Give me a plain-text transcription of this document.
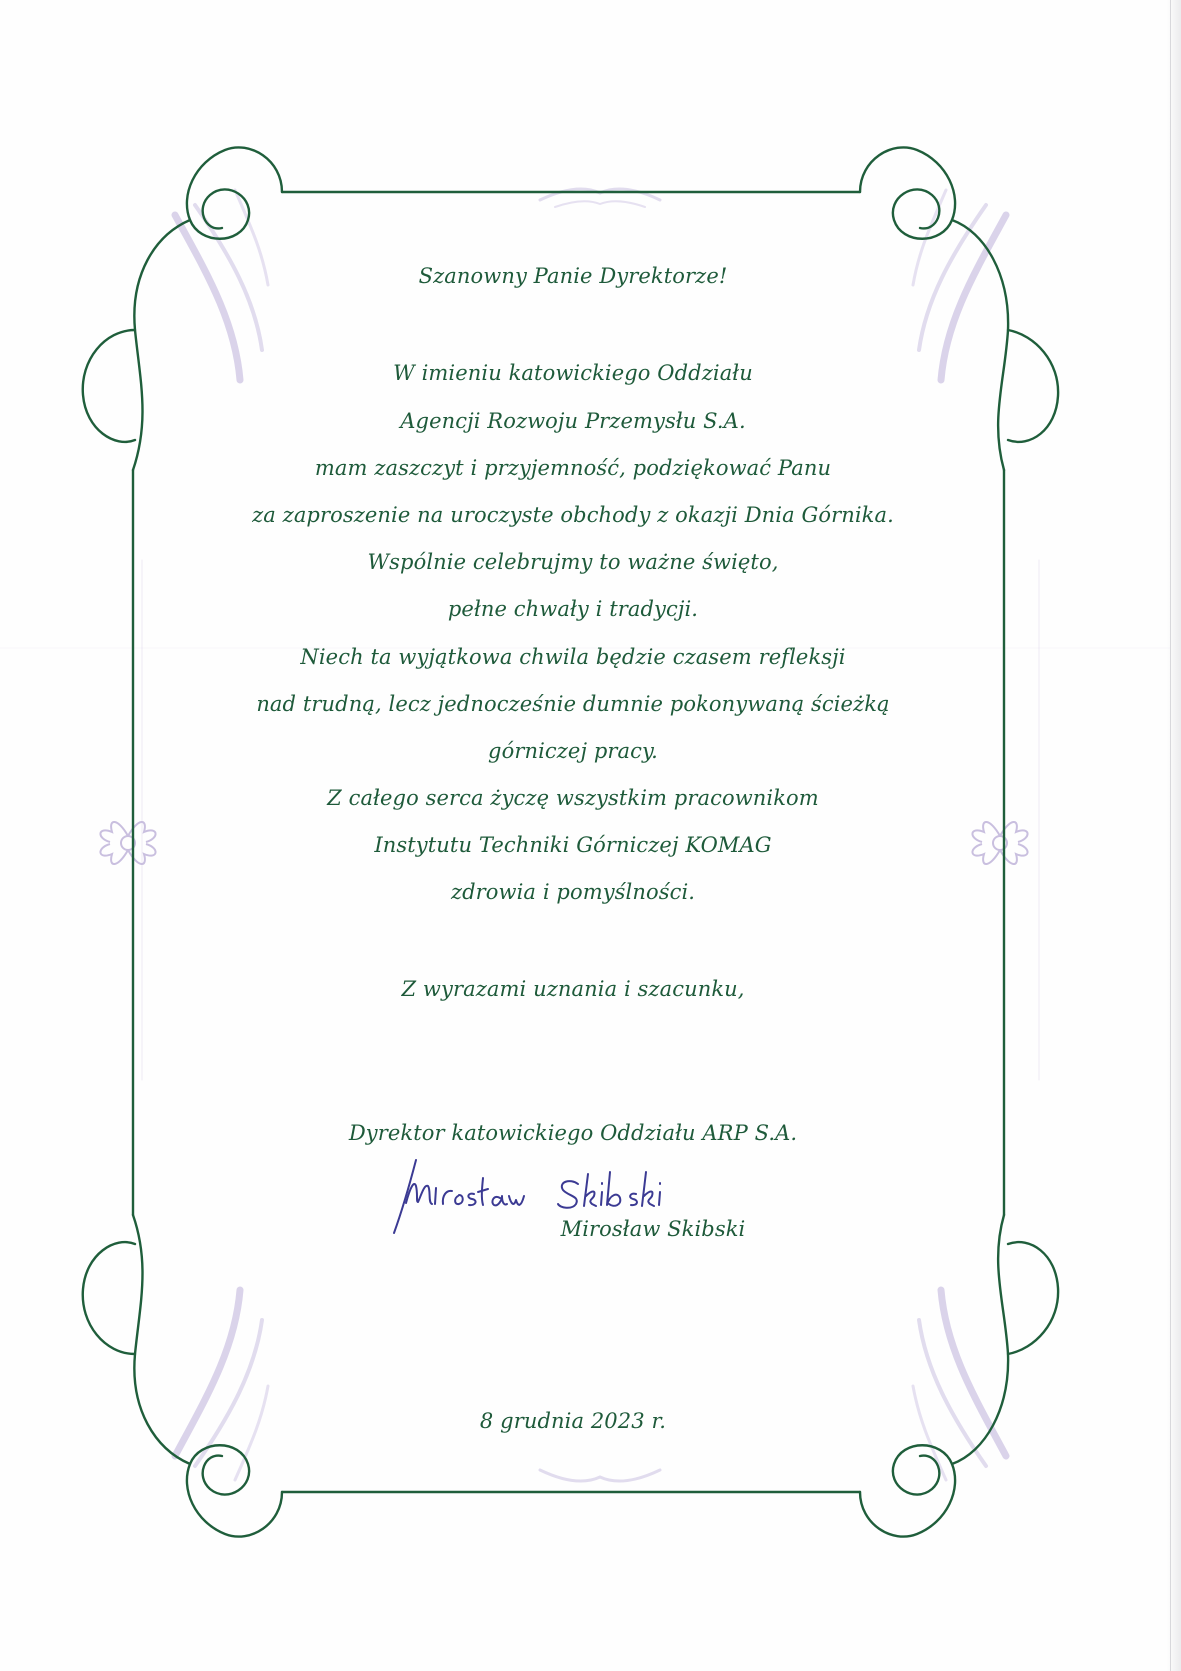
Szanowny Panie Dyrektorze!
W imieniu katowickiego Oddziału
Agencji Rozwoju Przemysłu S.A.
mam zaszczyt i przyjemność, podziękować Panu
za zaproszenie na uroczyste obchody z okazji Dnia Górnika.
Wspólnie celebrujmy to ważne święto,
pełne chwały i tradycji.
Niech ta wyjątkowa chwila będzie czasem refleksji
nad trudną, lecz jednocześnie dumnie pokonywaną ścieżką
górniczej pracy.
Z całego serca życzę wszystkim pracownikom
Instytutu Techniki Górniczej KOMAG
zdrowia i pomyślności.
Z wyrazami uznania i szacunku,
Dyrektor katowickiego Oddziału ARP S.A.
Mirosław Skibski
8 grudnia 2023 r.
